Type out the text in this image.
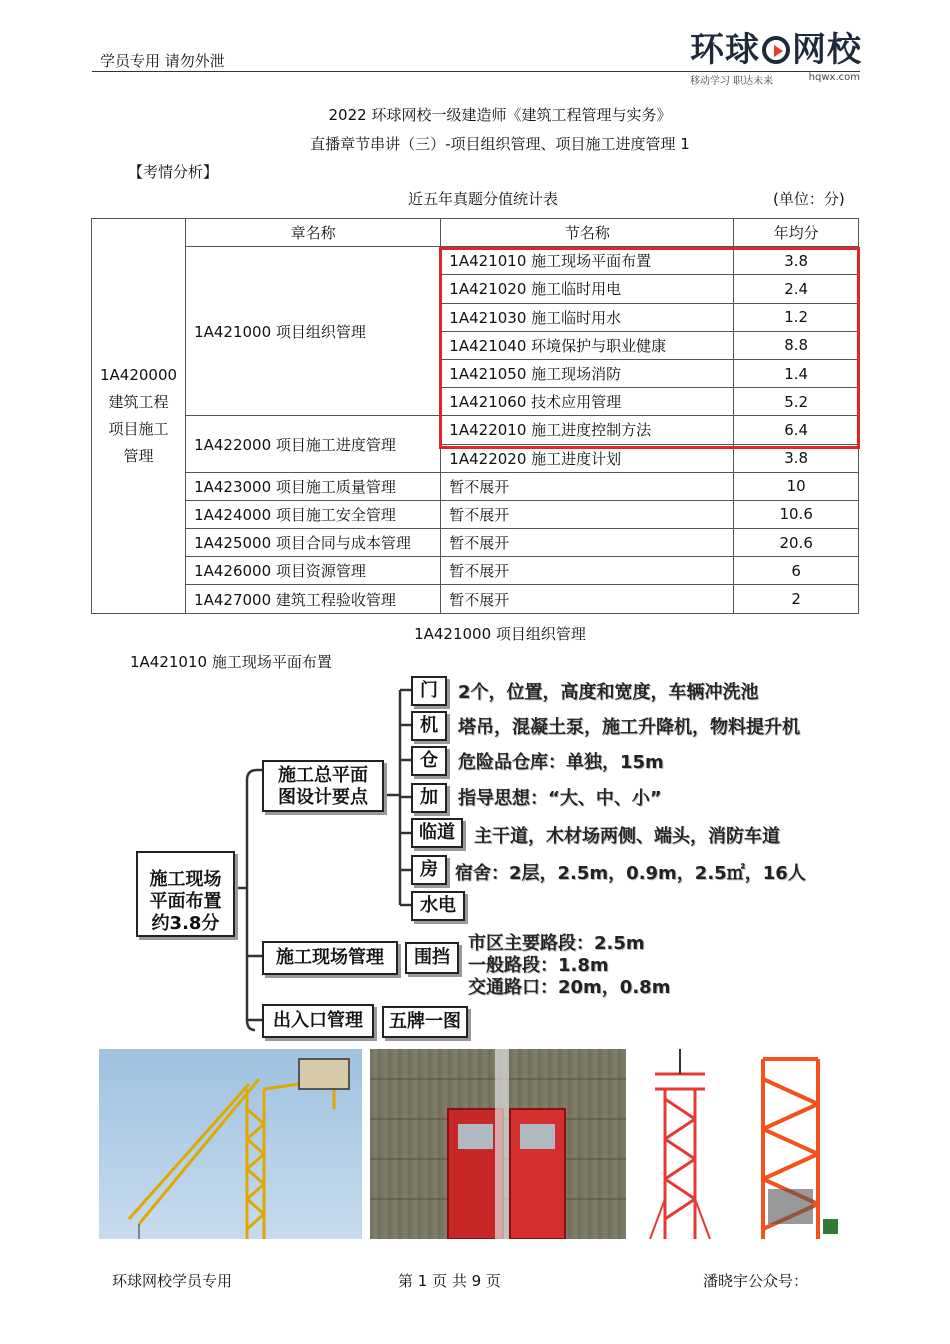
学员专用 请勿外泄	环球 网校
移动学习 职达未来	hqwx.com
2022 环球网校一级建造师《建筑工程管理与实务》
直播章节串讲（三）-项目组织管理、项目施工进度管理 1
【考情分析】
近五年真题分值统计表	(单位：分)
1A420000
建筑工程
项目施工
管理	章名称	节名称	年均分
	1A421000 项目组织管理	1A421010 施工现场平面布置	3.8
		1A421020 施工临时用电	2.4
		1A421030 施工临时用水	1.2
		1A421040 环境保护与职业健康	8.8
		1A421050 施工现场消防	1.4
		1A421060 技术应用管理	5.2
	1A422000 项目施工进度管理	1A422010 施工进度控制方法	6.4
		1A422020 施工进度计划	3.8
	1A423000 项目施工质量管理	暂不展开	10
	1A424000 项目施工安全管理	暂不展开	10.6
	1A425000 项目合同与成本管理	暂不展开	20.6
	1A426000 项目资源管理	暂不展开	6
	1A427000 建筑工程验收管理	暂不展开	2
1A421000 项目组织管理
1A421010 施工现场平面布置
施工现场
平面布置
约3.8分
施工总平面
图设计要点
施工现场管理
出入口管理
门
机
仓
加
临道
房
水电
围挡
五牌一图
2个，位置，高度和宽度，车辆冲洗池
塔吊，混凝土泵，施工升降机，物料提升机
危险品仓库：单独，15m
指导思想：“大、中、小”
主干道，木材场两侧、端头，消防车道
宿舍：2层，2.5m，0.9m，2.5㎡，16人
市区主要路段：2.5m
一般路段：1.8m
交通路口：20m，0.8m
环球网校学员专用	第 1 页 共 9 页	潘晓宇公众号：
